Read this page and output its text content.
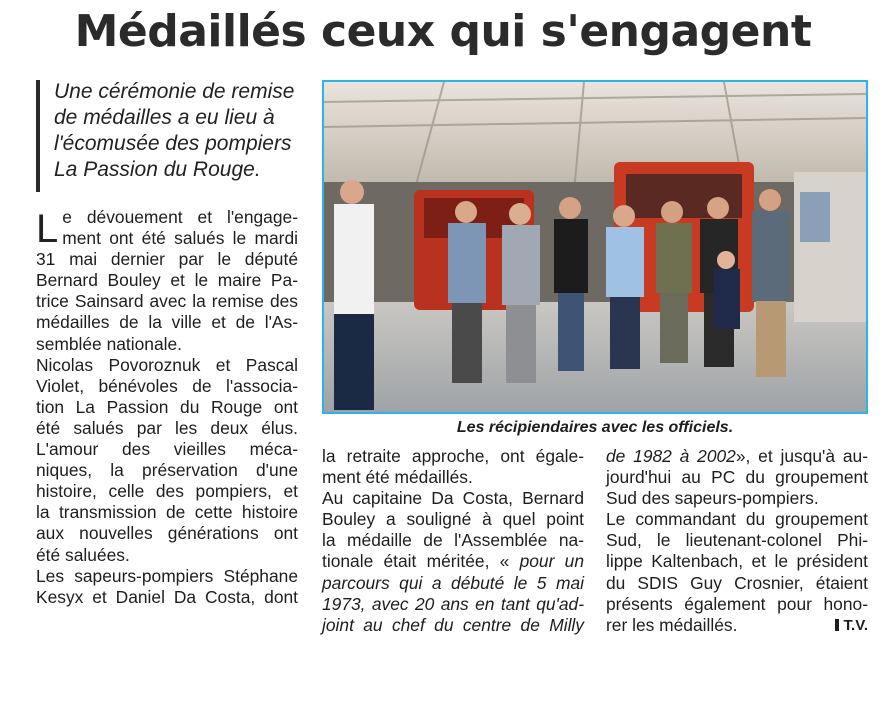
Médaillés ceux qui s'engagent

Une cérémonie de remise

de médailles a eu lieu à

l'écomusée des pompiers

La Passion du Rouge.

L e dévouement et l'engage-
ment ont été salués le mardi
31 mai dernier par le député
Bernard Bouley et le maire Pa-
trice Sainsard avec la remise des
médailles de la ville et de l'As-
semblée nationale.
Nicolas Povoroznuk et Pascal
Violet, bénévoles de l'associa-
tion La Passion du Rouge ont
été salués par les deux élus.
L'amour des vieilles méca-
niques, la préservation d'une
histoire, celle des pompiers, et
la transmission de cette histoire
aux nouvelles générations ont
été saluées.
Les sapeurs-pompiers Stéphane
Kesyx et Daniel Da Costa, dont
Les récipiendaires avec les officiels.
la retraite approche, ont égale-
ment été médaillés.
Au capitaine Da Costa, Bernard
Bouley a souligné à quel point
la médaille de l'Assemblée na-
tionale était méritée, « pour un
parcours qui a débuté le 5 mai
1973, avec 20 ans en tant qu'ad-
joint au chef du centre de Milly
de 1982 à 2002», et jusqu'à au-
jourd'hui au PC du groupement
Sud des sapeurs-pompiers.
Le commandant du groupement
Sud, le lieutenant-colonel Phi-
lippe Kaltenbach, et le président
du SDIS Guy Crosnier, étaient
présents également pour hono-
rer les médaillés.	T.V.
